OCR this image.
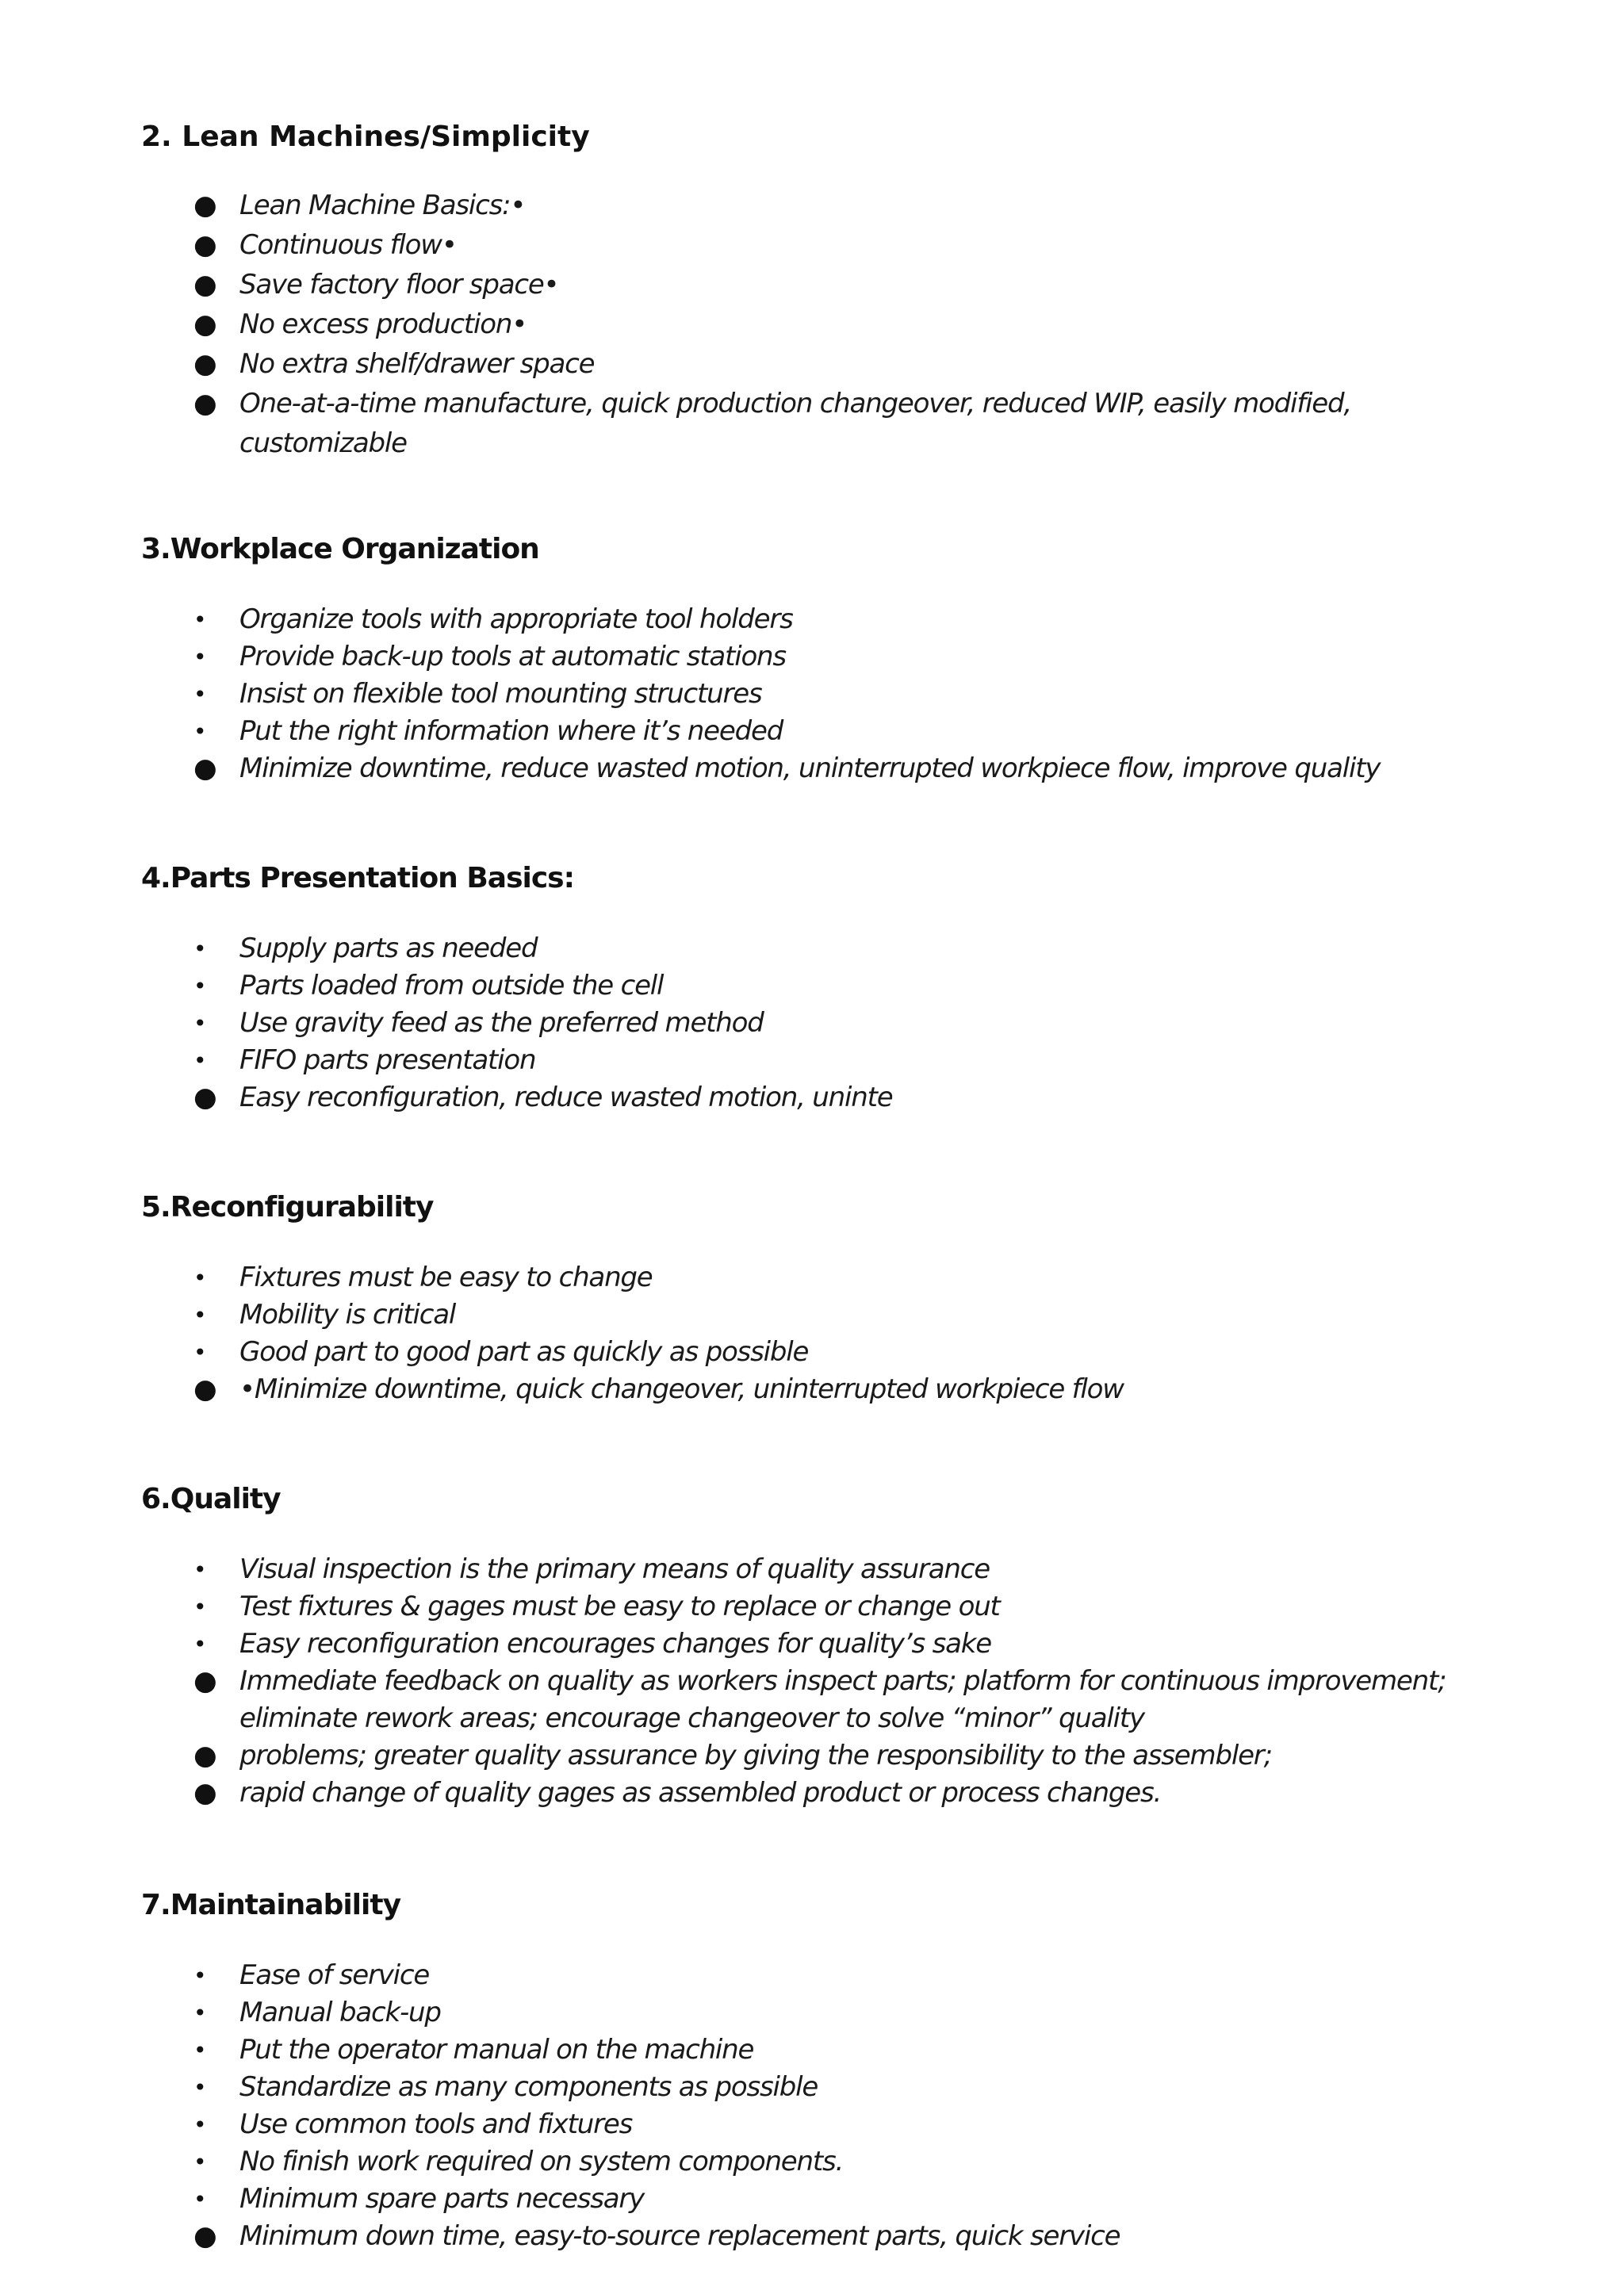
2. Lean Machines/Simplicity
● Lean Machine Basics:•
● Continuous flow•
● Save factory floor space•
● No excess production•
● No extra shelf/drawer space
● One-at-a-time manufacture, quick production changeover, reduced WIP, easily modified, customizable
3.Workplace Organization
• Organize tools with appropriate tool holders
• Provide back-up tools at automatic stations
• Insist on flexible tool mounting structures
• Put the right information where it’s needed
● Minimize downtime, reduce wasted motion, uninterrupted workpiece flow, improve quality
4.Parts Presentation Basics:
• Supply parts as needed
• Parts loaded from outside the cell
• Use gravity feed as the preferred method
• FIFO parts presentation
● Easy reconfiguration, reduce wasted motion, uninte
5.Reconfigurability
• Fixtures must be easy to change
• Mobility is critical
• Good part to good part as quickly as possible
● •Minimize downtime, quick changeover, uninterrupted workpiece flow
6.Quality
• Visual inspection is the primary means of quality assurance
• Test fixtures & gages must be easy to replace or change out
• Easy reconfiguration encourages changes for quality’s sake
● Immediate feedback on quality as workers inspect parts; platform for continuous improvement; eliminate rework areas; encourage changeover to solve “minor” quality
● problems; greater quality assurance by giving the responsibility to the assembler;
● rapid change of quality gages as assembled product or process changes.
7.Maintainability
• Ease of service
• Manual back-up
• Put the operator manual on the machine
• Standardize as many components as possible
• Use common tools and fixtures
• No finish work required on system components.
• Minimum spare parts necessary
● Minimum down time, easy-to-source replacement parts, quick service
